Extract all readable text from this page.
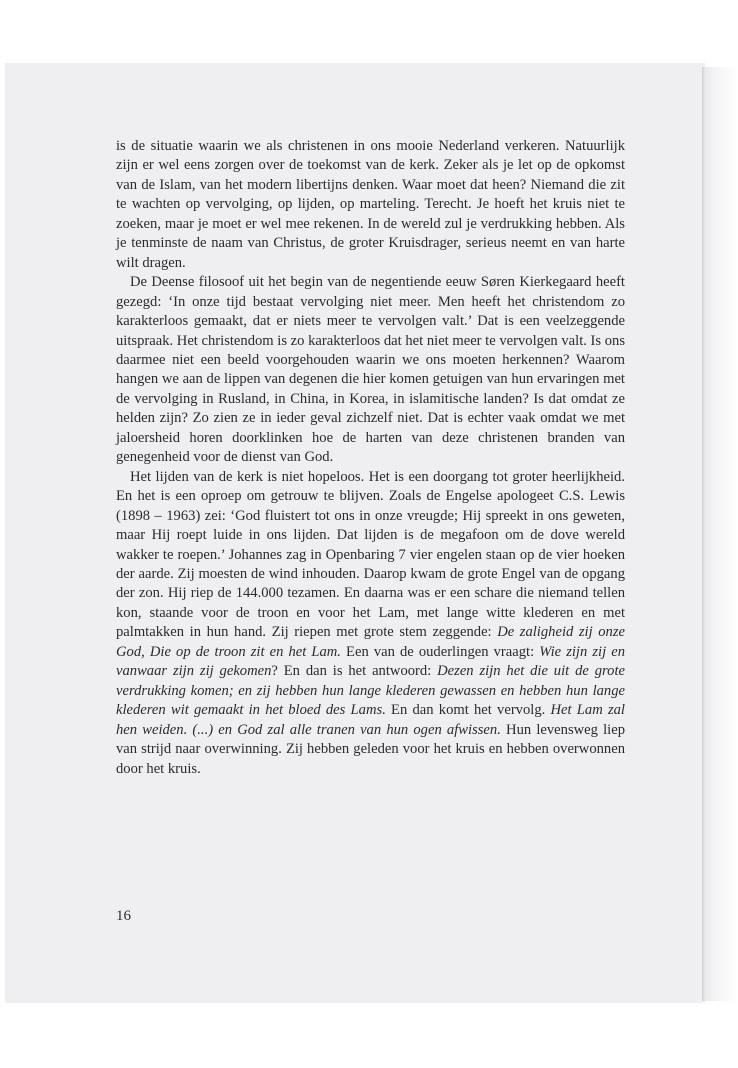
is de situatie waarin we als christenen in ons mooie Nederland verkeren. Natuurlijk zijn er wel eens zorgen over de toekomst van de kerk. Zeker als je let op de opkomst van de Islam, van het modern libertijns denken. Waar moet dat heen? Niemand die zit te wachten op vervolging, op lijden, op marteling. Terecht. Je hoeft het kruis niet te zoeken, maar je moet er wel mee rekenen. In de wereld zul je verdrukking hebben. Als je tenminste de naam van Christus, de groter Kruisdrager, serieus neemt en van harte wilt dragen.

De Deense filosoof uit het begin van de negentiende eeuw Søren Kierkegaard heeft gezegd: ‘In onze tijd bestaat vervolging niet meer. Men heeft het christendom zo karakterloos gemaakt, dat er niets meer te vervolgen valt.’ Dat is een veelzeggende uitspraak. Het christendom is zo karakterloos dat het niet meer te vervolgen valt. Is ons daarmee niet een beeld voorgehouden waarin we ons moeten herkennen? Waarom hangen we aan de lippen van degenen die hier komen getuigen van hun ervaringen met de vervolging in Rusland, in China, in Korea, in islamitische landen? Is dat omdat ze helden zijn? Zo zien ze in ieder geval zichzelf niet. Dat is echter vaak omdat we met jaloersheid horen doorklinken hoe de harten van deze christenen branden van genegenheid voor de dienst van God.

Het lijden van de kerk is niet hopeloos. Het is een doorgang tot groter heerlijkheid. En het is een oproep om getrouw te blijven. Zoals de Engelse apologeet C.S. Lewis (1898 – 1963) zei: ‘God fluistert tot ons in onze vreugde; Hij spreekt in ons geweten, maar Hij roept luide in ons lijden. Dat lijden is de megafoon om de dove wereld wakker te roepen.’ Johannes zag in Openbaring 7 vier engelen staan op de vier hoeken der aarde. Zij moesten de wind inhouden. Daarop kwam de grote Engel van de opgang der zon. Hij riep de 144.000 tezamen. En daarna was er een schare die niemand tellen kon, staande voor de troon en voor het Lam, met lange witte klederen en met palmtakken in hun hand. Zij riepen met grote stem zeggende: De zaligheid zij onze God, Die op de troon zit en het Lam. Een van de ouderlingen vraagt: Wie zijn zij en vanwaar zijn zij gekomen? En dan is het antwoord: Dezen zijn het die uit de grote verdrukking komen; en zij hebben hun lange klederen gewassen en hebben hun lange klederen wit gemaakt in het bloed des Lams. En dan komt het vervolg. Het Lam zal hen weiden. (...) en God zal alle tranen van hun ogen afwissen. Hun levensweg liep van strijd naar overwinning. Zij hebben geleden voor het kruis en hebben overwonnen door het kruis.

16
